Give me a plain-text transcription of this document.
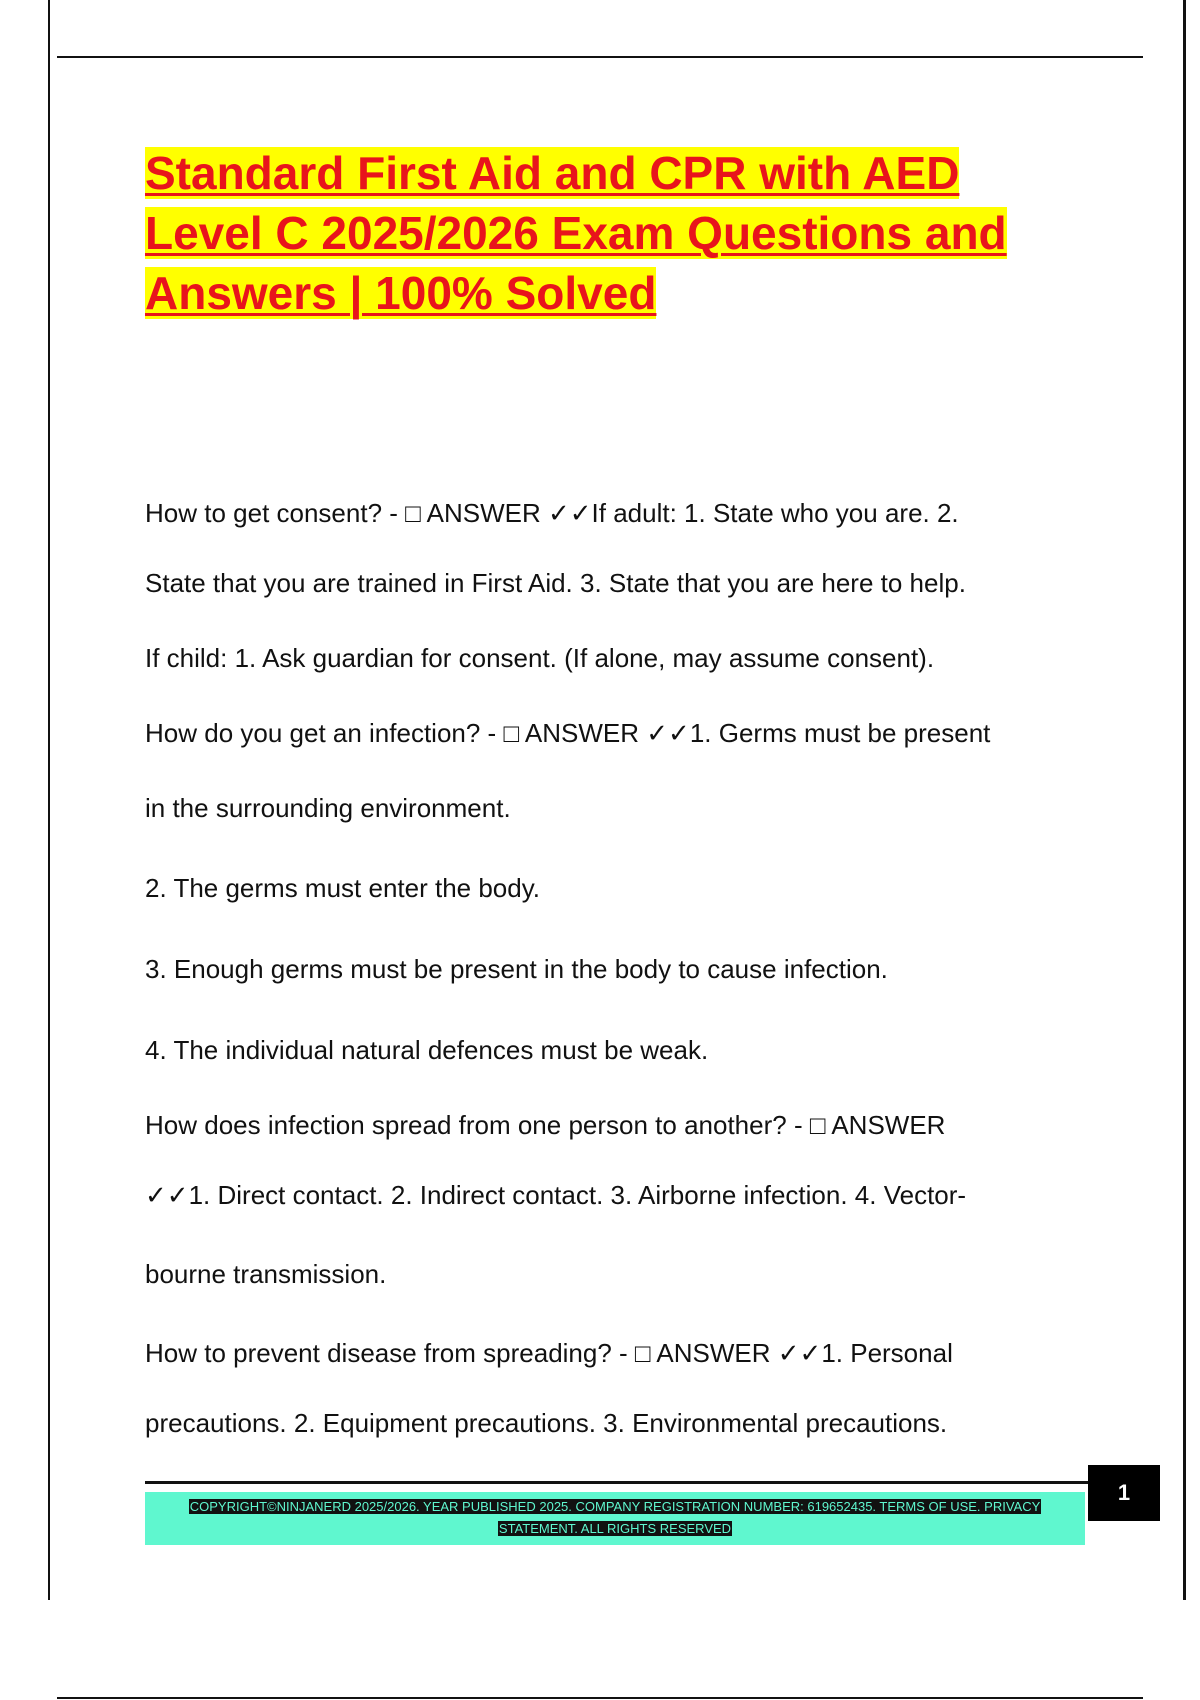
Standard First Aid and CPR with AED
Level C 2025/2026 Exam Questions and
Answers | 100% Solved

How to get consent? - □ ANSWER ✓✓If adult: 1. State who you are. 2.

State that you are trained in First Aid. 3. State that you are here to help.

If child: 1. Ask guardian for consent. (If alone, may assume consent).

How do you get an infection? - □ ANSWER ✓✓1. Germs must be present

in the surrounding environment.

2. The germs must enter the body.

3. Enough germs must be present in the body to cause infection.

4. The individual natural defences must be weak.

How does infection spread from one person to another? - □ ANSWER

✓✓1. Direct contact. 2. Indirect contact. 3. Airborne infection. 4. Vector-

bourne transmission.

How to prevent disease from spreading? - □ ANSWER ✓✓1. Personal

precautions. 2. Equipment precautions. 3. Environmental precautions.

COPYRIGHT©NINJANERD 2025/2026. YEAR PUBLISHED 2025. COMPANY REGISTRATION NUMBER: 619652435. TERMS OF USE. PRIVACY
STATEMENT. ALL RIGHTS RESERVED
1
